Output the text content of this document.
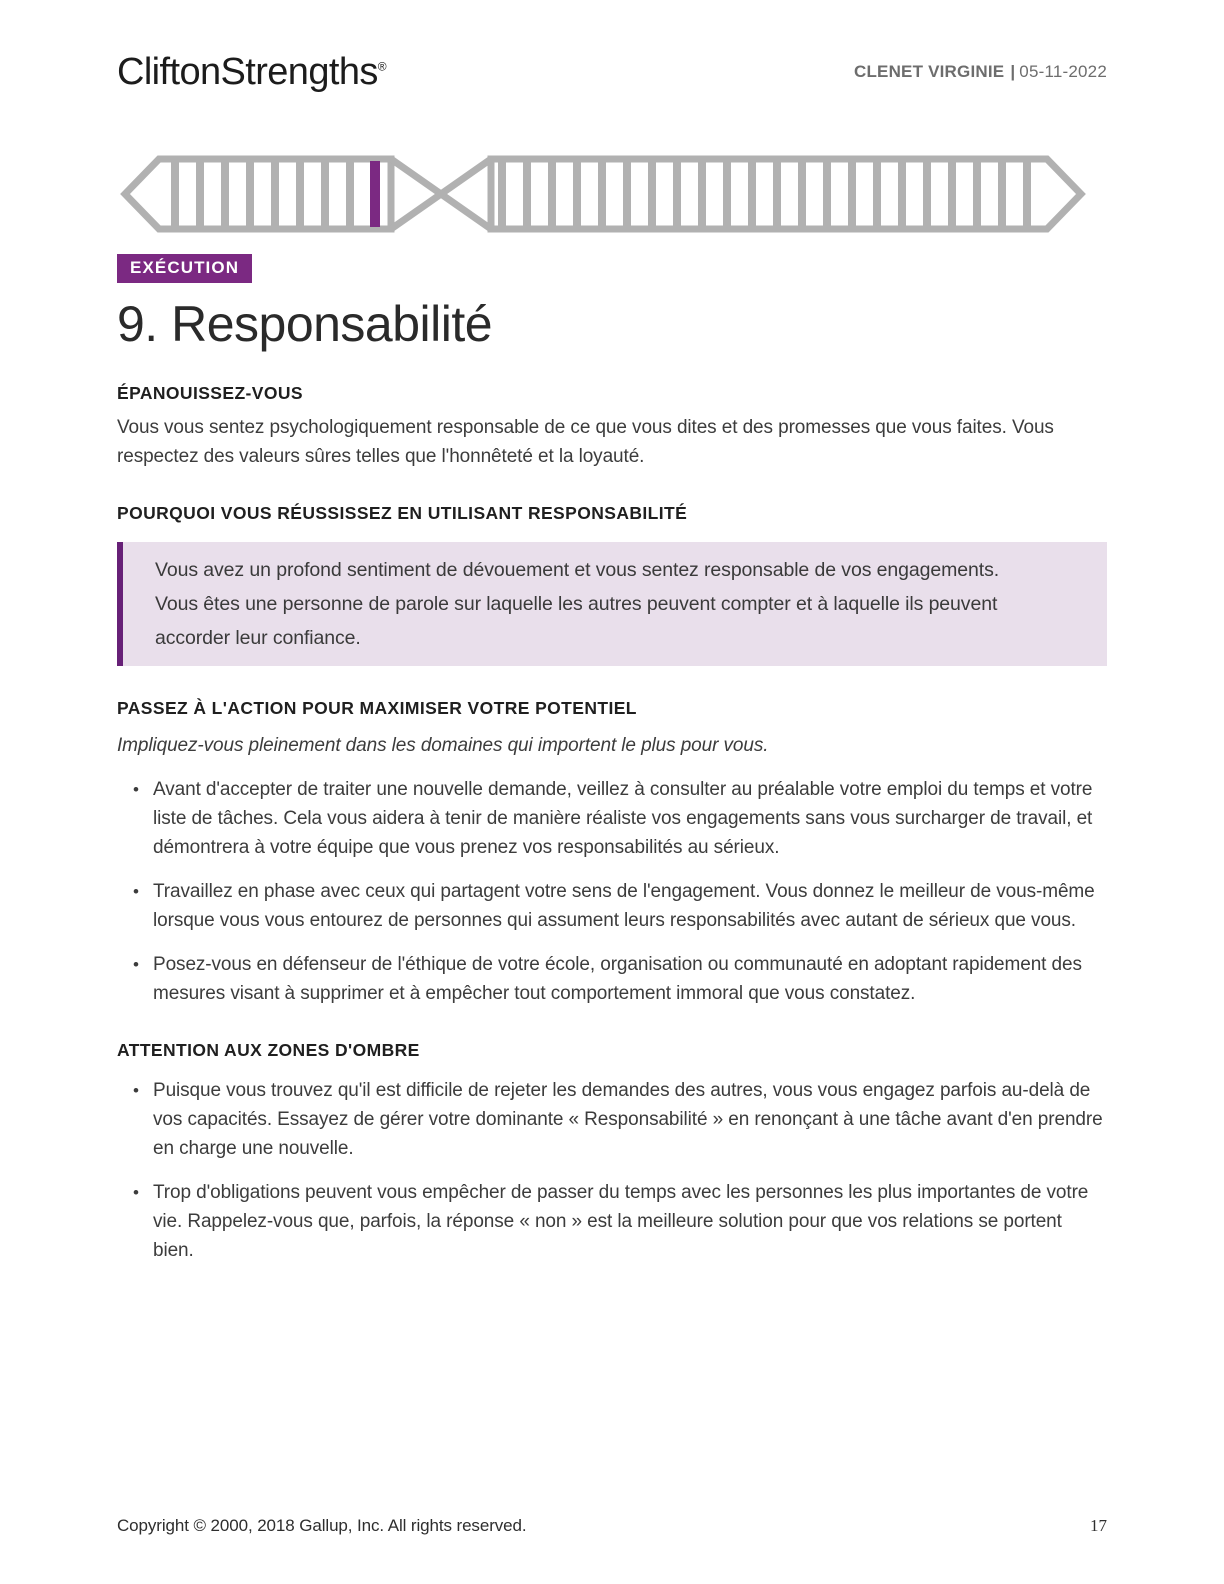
CliftonStrengths®	CLENET VIRGINIE | 05-11-2022
EXÉCUTION
9. Responsabilité
ÉPANOUISSEZ-VOUS

Vous vous sentez psychologiquement responsable de ce que vous dites et des promesses que vous faites. Vous respectez des valeurs sûres telles que l'honnêteté et la loyauté.

POURQUOI VOUS RÉUSSISSEZ EN UTILISANT RESPONSABILITÉ
Vous avez un profond sentiment de dévouement et vous sentez responsable de vos engagements. Vous êtes une personne de parole sur laquelle les autres peuvent compter et à laquelle ils peuvent accorder leur confiance.
PASSEZ À L'ACTION POUR MAXIMISER VOTRE POTENTIEL

Impliquez-vous pleinement dans les domaines qui importent le plus pour vous.

• Avant d'accepter de traiter une nouvelle demande, veillez à consulter au préalable votre emploi du temps et votre liste de tâches. Cela vous aidera à tenir de manière réaliste vos engagements sans vous surcharger de travail, et démontrera à votre équipe que vous prenez vos responsabilités au sérieux.
• Travaillez en phase avec ceux qui partagent votre sens de l'engagement. Vous donnez le meilleur de vous-même lorsque vous vous entourez de personnes qui assument leurs responsabilités avec autant de sérieux que vous.
• Posez-vous en défenseur de l'éthique de votre école, organisation ou communauté en adoptant rapidement des mesures visant à supprimer et à empêcher tout comportement immoral que vous constatez.
ATTENTION AUX ZONES D'OMBRE
• Puisque vous trouvez qu'il est difficile de rejeter les demandes des autres, vous vous engagez parfois au-delà de vos capacités. Essayez de gérer votre dominante « Responsabilité » en renonçant à une tâche avant d'en prendre en charge une nouvelle.
• Trop d'obligations peuvent vous empêcher de passer du temps avec les personnes les plus importantes de votre vie. Rappelez-vous que, parfois, la réponse « non » est la meilleure solution pour que vos relations se portent bien.
Copyright © 2000, 2018 Gallup, Inc. All rights reserved.	17
